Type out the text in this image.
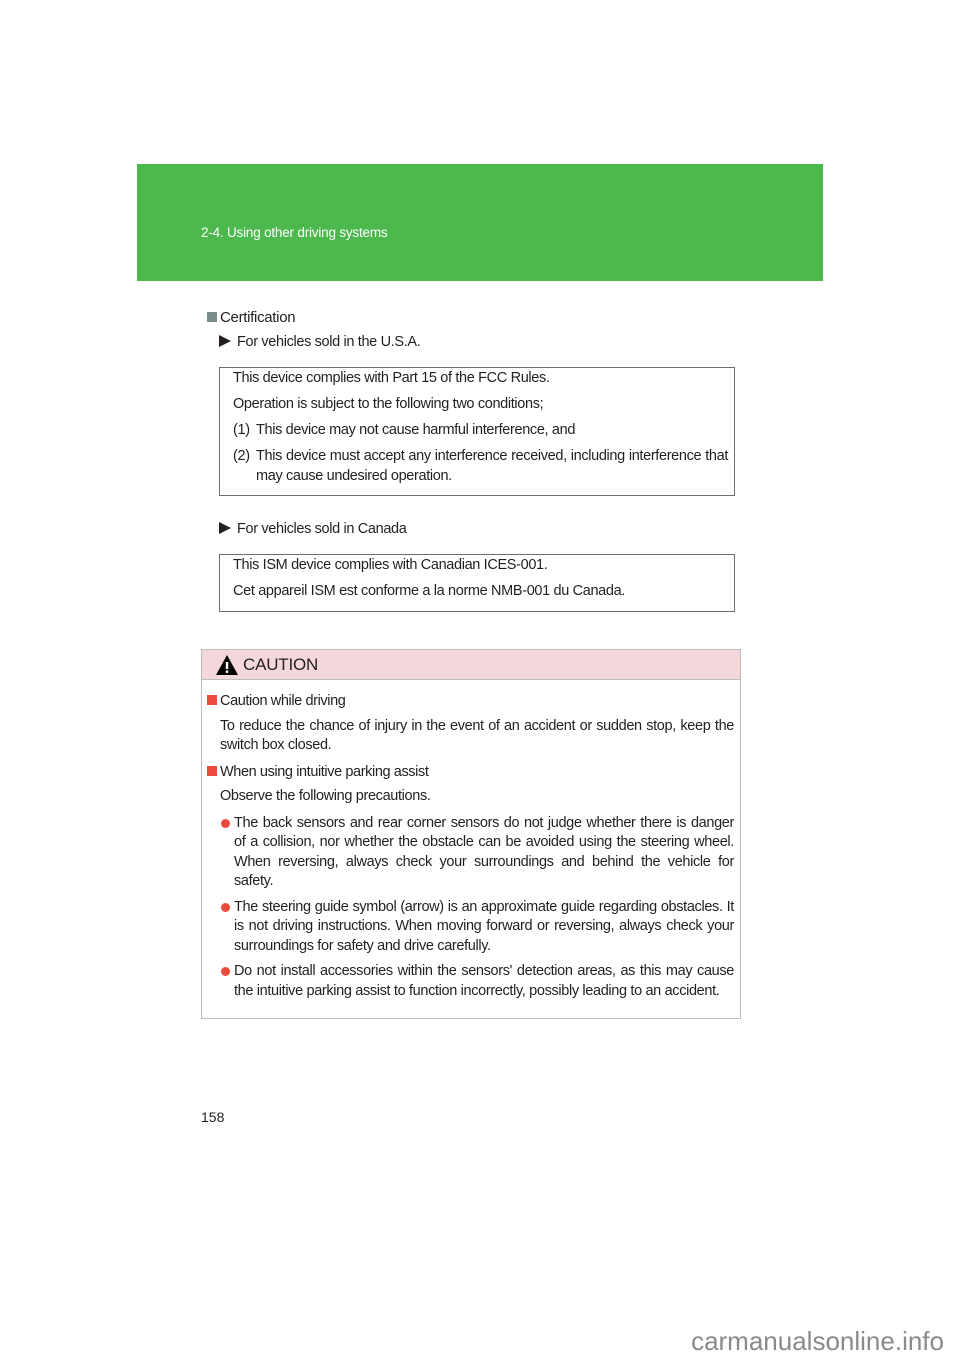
2-4. Using other driving systems
Certification
For vehicles sold in the U.S.A.

This device complies with Part 15 of the FCC Rules.

Operation is subject to the following two conditions;

(1) This device may not cause harmful interference, and

(2) This device must accept any interference received, including interference that may cause undesired operation.

For vehicles sold in Canada

This ISM device complies with Canadian ICES-001.

Cet appareil ISM est conforme a la norme NMB-001 du Canada.

CAUTION
Caution while driving

To reduce the chance of injury in the event of an accident or sudden stop, keep the switch box closed.

When using intuitive parking assist

Observe the following precautions.

The back sensors and rear corner sensors do not judge whether there is danger of a collision, nor whether the obstacle can be avoided using the steering wheel. When reversing, always check your surroundings and behind the vehicle for safety.
The steering guide symbol (arrow) is an approximate guide regarding obstacles. It is not driving instructions. When moving forward or reversing, always check your surroundings for safety and drive carefully.
Do not install accessories within the sensors' detection areas, as this may cause the intuitive parking assist to function incorrectly, possibly leading to an accident.
158
carmanualsonline.info
